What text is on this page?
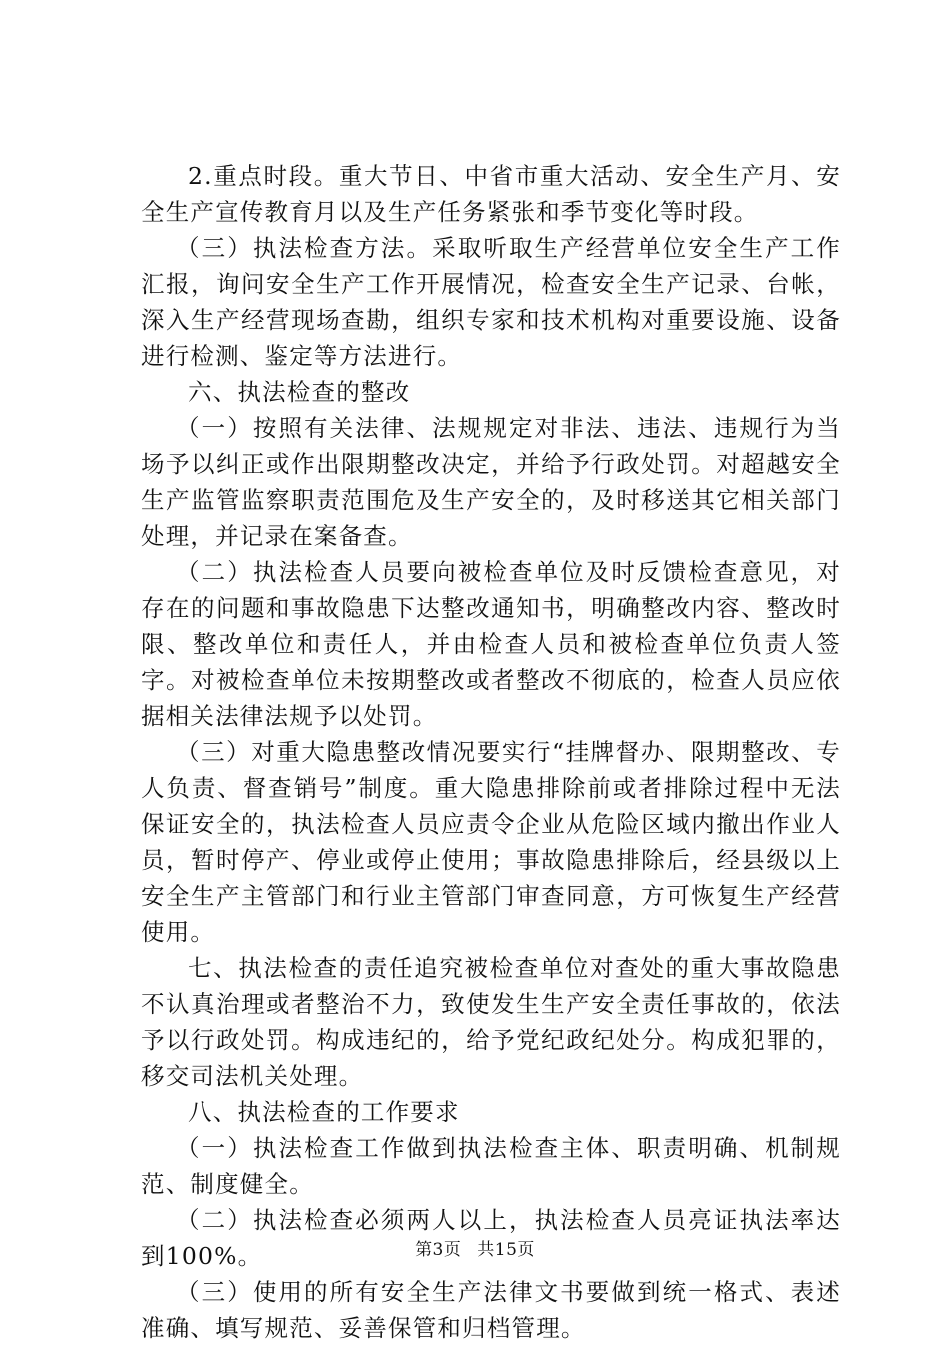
2.重点时段。重大节日、中省市重大活动、安全生产月、安全生产宣传教育月以及生产任务紧张和季节变化等时段。

（三）执法检查方法。采取听取生产经营单位安全生产工作汇报，询问安全生产工作开展情况，检查安全生产记录、台帐，深入生产经营现场查勘，组织专家和技术机构对重要设施、设备进行检测、鉴定等方法进行。

六、执法检查的整改

（一）按照有关法律、法规规定对非法、违法、违规行为当场予以纠正或作出限期整改决定，并给予行政处罚。对超越安全生产监管监察职责范围危及生产安全的，及时移送其它相关部门处理，并记录在案备查。

（二）执法检查人员要向被检查单位及时反馈检查意见，对存在的问题和事故隐患下达整改通知书，明确整改内容、整改时限、整改单位和责任人，并由检查人员和被检查单位负责人签字。对被检查单位未按期整改或者整改不彻底的，检查人员应依据相关法律法规予以处罚。

（三）对重大隐患整改情况要实行“挂牌督办、限期整改、专人负责、督查销号”制度。重大隐患排除前或者排除过程中无法保证安全的，执法检查人员应责令企业从危险区域内撤出作业人员，暂时停产、停业或停止使用；事故隐患排除后，经县级以上安全生产主管部门和行业主管部门审查同意，方可恢复生产经营使用。

七、执法检查的责任追究被检查单位对查处的重大事故隐患不认真治理或者整治不力，致使发生生产安全责任事故的，依法予以行政处罚。构成违纪的，给予党纪政纪处分。构成犯罪的，移交司法机关处理。

八、执法检查的工作要求

（一）执法检查工作做到执法检查主体、职责明确、机制规范、制度健全。

（二）执法检查必须两人以上，执法检查人员亮证执法率达到100%。

（三）使用的所有安全生产法律文书要做到统一格式、表述准确、填写规范、妥善保管和归档管理。

第3页 共15页
